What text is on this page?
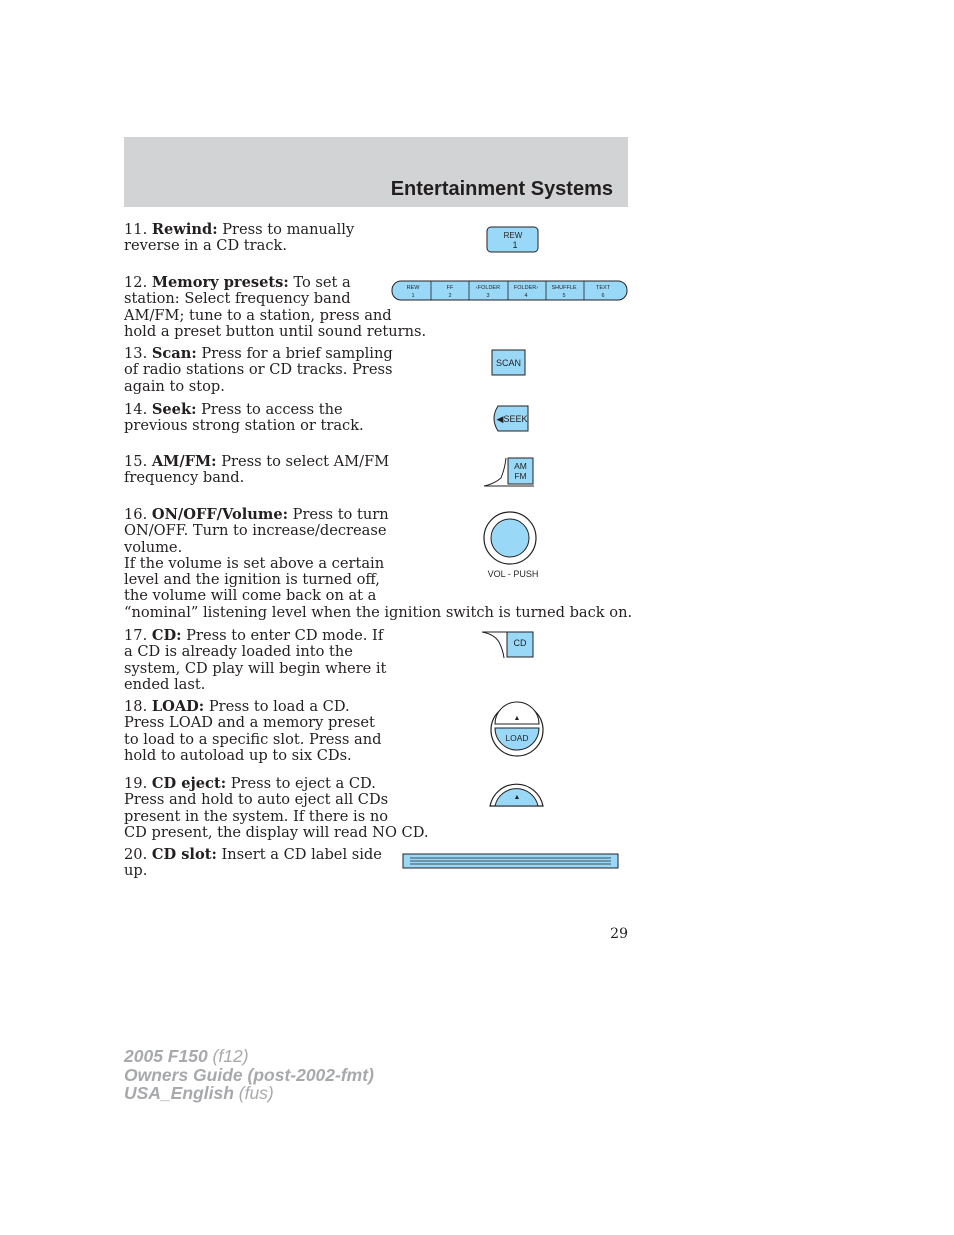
Entertainment Systems
11. Rewind: Press to manually
reverse in a CD track.
REW
1
12. Memory presets: To set a
station: Select frequency band
AM/FM; tune to a station, press and
hold a preset button until sound returns.
REW
1
FF
2
‹FOLDER
3
FOLDER›
4
SHUFFLE
5
TEXT
6
13. Scan: Press for a brief sampling
of radio stations or CD tracks. Press
again to stop.
SCAN
14. Seek: Press to access the
previous strong station or track.	◀SEEK
15. AM/FM: Press to select AM/FM
frequency band.
AM
FM
16. ON/OFF/Volume: Press to turn
ON/OFF. Turn to increase/decrease
volume.
If the volume is set above a certain
level and the ignition is turned off,
the volume will come back on at a
“nominal” listening level when the ignition switch is turned back on.
VOL - PUSH
17. CD: Press to enter CD mode. If
a CD is already loaded into the
system, CD play will begin where it
ended last.
CD
18. LOAD: Press to load a CD.
Press LOAD and a memory preset
to load to a specific slot. Press and
hold to autoload up to six CDs.
▲
LOAD
19. CD eject: Press to eject a CD.
Press and hold to auto eject all CDs
present in the system. If there is no
CD present, the display will read NO CD.
▲
20. CD slot: Insert a CD label side
up.
29
2005 F150 (f12)
Owners Guide (post-2002-fmt)
USA_English (fus)
